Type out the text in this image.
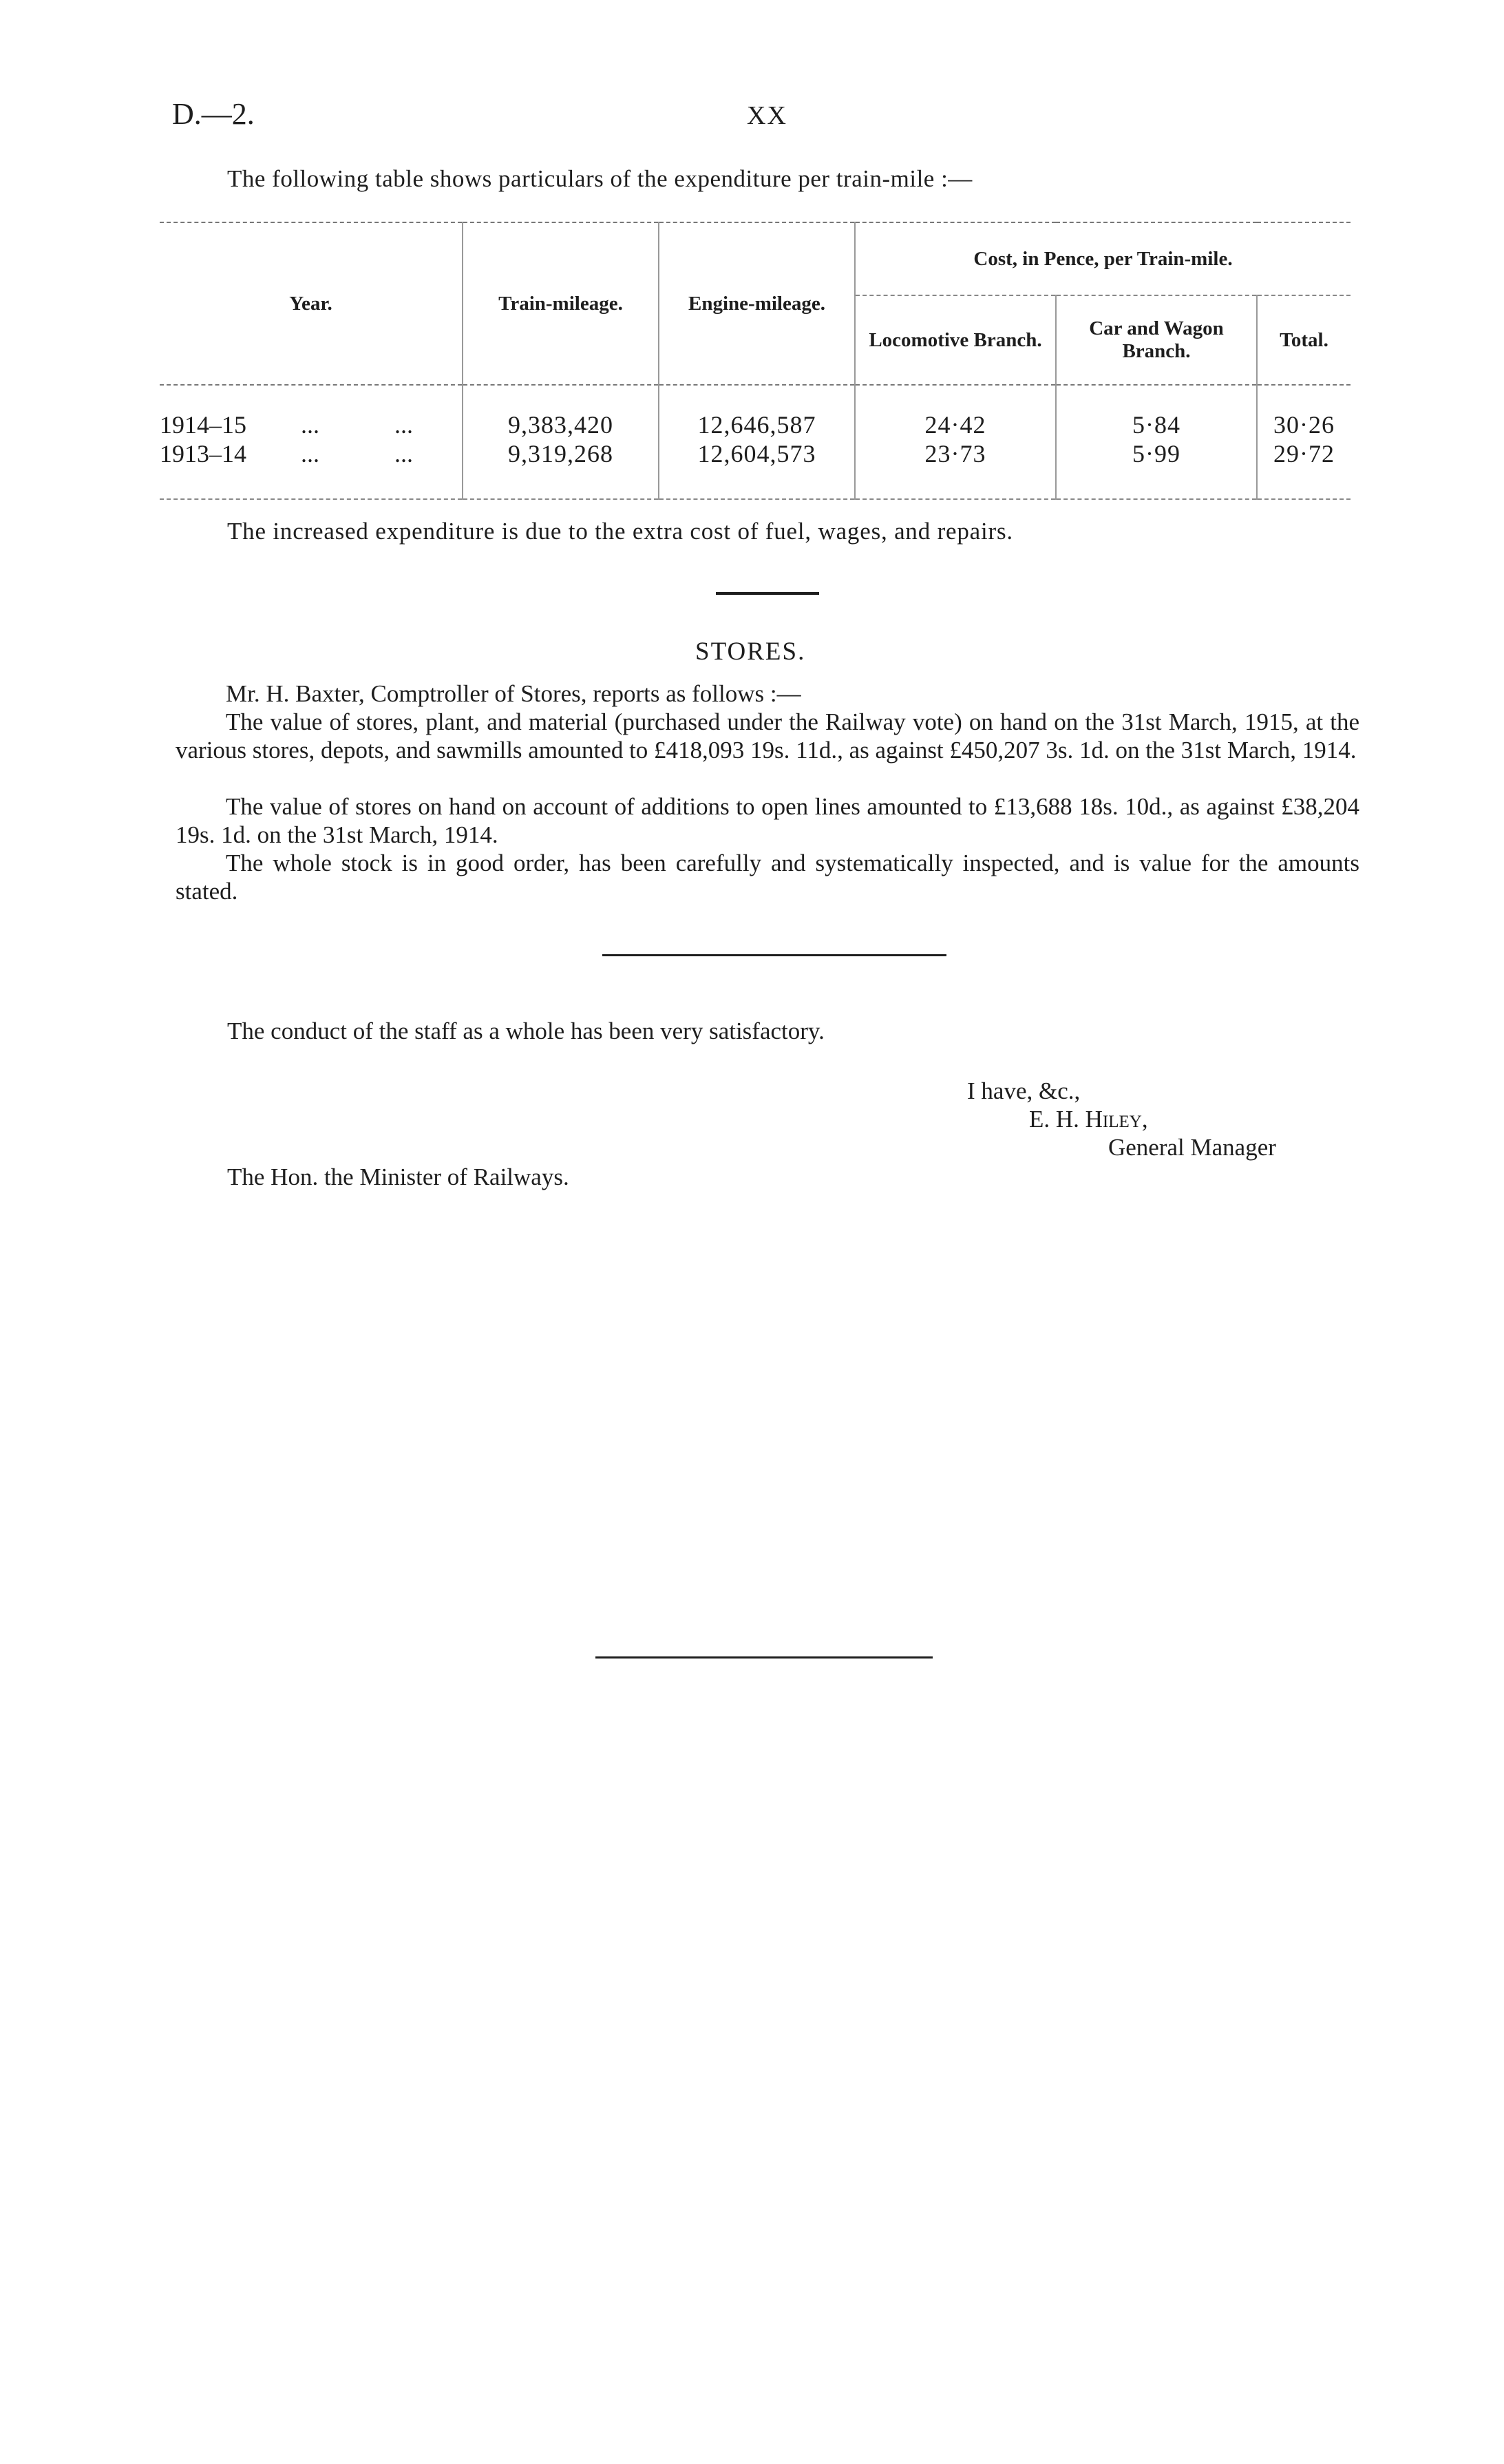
D.—2.	XX
The following table shows particulars of the expenditure per train-mile :—
Year.	Train-mileage.	Engine-mileage.	Cost, in Pence, per Train-mile.		
			Locomotive Branch.	Car and Wagon Branch.	Total.
1914–15 ... ...	9,383,420	12,646,587	24·42	5·84	30·26
1913–14 ... ...	9,319,268	12,604,573	23·73	5·99	29·72
The increased expenditure is due to the extra cost of fuel, wages, and repairs.
STORES.
Mr. H. Baxter, Comptroller of Stores, reports as follows :—
The value of stores, plant, and material (purchased under the Railway vote) on hand on the 31st March, 1915, at the various stores, depots, and sawmills amounted to £418,093 19s. 11d., as against £450,207 3s. 1d. on the 31st March, 1914.
The value of stores on hand on account of additions to open lines amounted to £13,688 18s. 10d., as against £38,204 19s. 1d. on the 31st March, 1914.
The whole stock is in good order, has been carefully and systematically inspected, and is value for the amounts stated.
The conduct of the staff as a whole has been very satisfactory.
I have, &c.,
E. H. Hiley,
General Manager
The Hon. the Minister of Railways.
